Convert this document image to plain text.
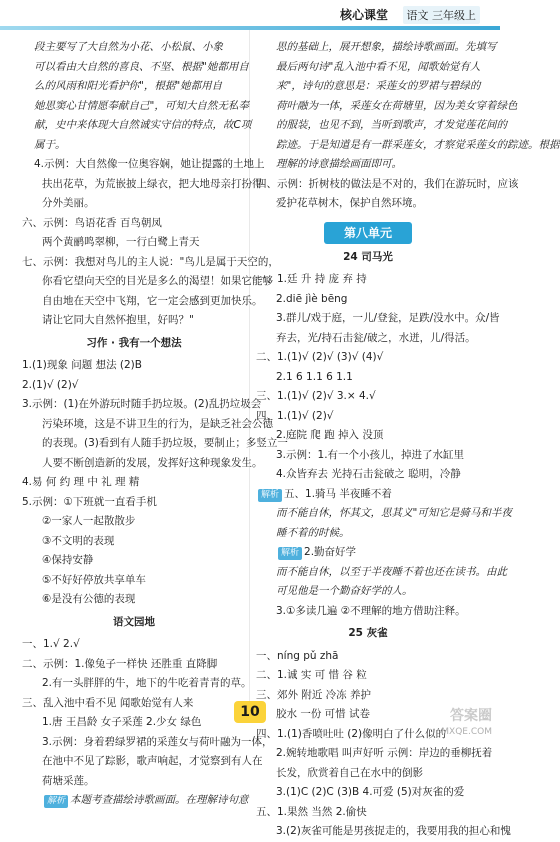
核心课堂	语文 三年级上
段主要写了大自然为小花、小松鼠、小象
可以看由大自然的喜良、不坚、根据"她都用自
么的风雨和阳光看护你"，根据"她都用自
她思窦心甘情愿奉献自己"，可知大自然无私奉
献，史中来体现大自然诚实守信的特点，故C项
属于。
4.示例：大自然像一位奥容娴，她让提露的土地上
扶出花草，为荒嵌披上绿衣，把大地母亲打扮得
分外美丽。
六、示例：鸟语花香 百鸟朝凤
两个黄鹂鸣翠柳，一行白鹭上青天
七、示例：我想对鸟儿的主人说："鸟儿是属于天空的，
你看它望向天空的目光是多么的渴望！如果它能够
自由地在天空中飞翔，它一定会感到更加快乐。
请让它同大自然怀抱里，好吗？"
习作 · 我有一个想法
1.(1)现象 问题 想法 (2)B
2.(1)√ (2)√
3.示例：(1)在外游玩时随手扔垃圾。(2)乱扔垃圾会
污染环境，这是不讲卫生的行为，是缺乏社会公德
的表现。(3)看到有人随手扔垃圾，要制止；多竖立一
人要不断创造新的发展，发挥好这种现象发生。
4.易 何 约 理 中 礼 理 精
5.示例：①下班就一直看手机
②一家人一起散散步
③不文明的表现
④保持安静
⑤不好好停放共享单车
⑥是没有公德的表现
语文园地
一、1.√ 2.√
二、示例：1.像兔子一样快 还胜重 直降脚
2.有一头胖胖的牛，地下的牛吃着青青的草。
三、乱入池中看不见 闻歌始觉有人来
1.唐 王昌龄 女子采莲 2.少女 绿色
3.示例：身着碧绿罗裙的采莲女与荷叶融为一体，
在池中不见了踪影，歌声响起，才觉察到有人在
荷塘采莲。
解析 本题考查描绘诗歌画面。在理解诗句意
思的基础上，展开想象，描绘诗歌画面。先填写
最后两句诗"乱入池中看不见，闻歌始觉有人
来"，诗句的意思是：采莲女的罗裙与碧绿的
荷叶融为一体，采莲女在荷塘里，因为美女穿着绿色
的服装，也见不到，当听到歌声，才发觉莲花间的
踪迹。于是知道是有一群采莲女，才察觉采莲女的踪迹。根据
理解的诗意描绘画面即可。
四、示例：折树枝的做法是不对的，我们在游玩时，应该
爱护花草树木，保护自然环境。
第八单元
24 司马光
一、1.廷 升 持 庞 弃 持
2.diē jìè bēng
3.群儿/戏于庭，一儿/登瓮，足跌/没水中。众/皆
弃去，光/持石击瓮/破之，水迸，儿/得活。
二、1.(1)√ (2)√ (3)√ (4)√
2.1 6 1.1 6 1.1
三、1.(1)√ (2)√ 3.× 4.√
四、1.(1)√ (2)√
2.庭院 爬 跑 掉入 没顶
3.示例：1.有一个小孩儿，掉进了水缸里
4.众皆弃去 光持石击瓮破之 聪明，冷静
解析 五、1.骑马 半夜睡不着
而不能自休，怀其文，思其义"可知它是骑马和半夜
睡不着的时候。
解析 2.勤奋好学
而不能自休，以至于半夜睡不着也还在读书。由此
可见他是一个勤奋好学的人。
3.①多读几遍 ②不理解的地方借助注释。
25 灰雀
一、níng pǔ zhā
二、1.诚 实 可 惜 谷 粒
三、郊外 附近 冷冻 养护
胶水 一份 可惜 试卷
四、1.(1)香喷吐吐 (2)像明白了什么似的
2.婉转地歌唱 叫声好听 示例：岸边的垂柳抚着
长发，欣赏着自己在水中的倒影
3.(1)C (2)C (3)B 4.可爱 (5)对灰雀的爱
五、1.果然 当然 2.偷快
3.(2)灰雀可能是男孩捉走的，我要用我的担心和愧
10	答案圈
MXQE.COM
